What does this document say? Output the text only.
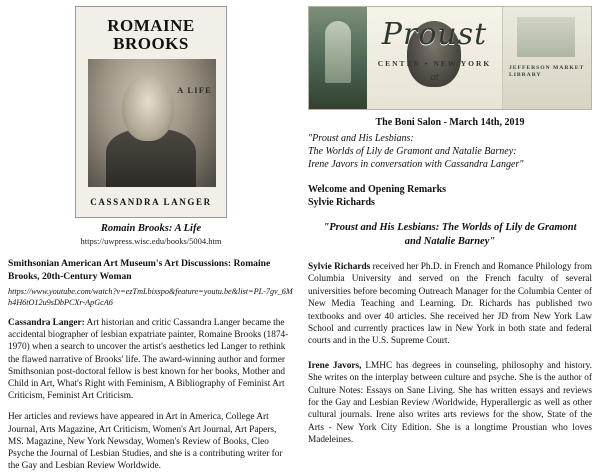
ROMAINE
BROOKS
A LIFE
CASSANDRA LANGER
Romain Brooks: A Life
https://uwpress.wisc.edu/books/5004.htm
Smithsonian American Art Museum's Art Discussions: Romaine Brooks, 20th-Century Woman
https://www.youtube.com/watch?v=ezTmLbixspo&feature=youtu.be&list=PL-7gv_6Mh4H6tO12u9sDbPCXr-ApGcA6
Cassandra Langer: Art historian and critic Cassandra Langer became the accidental biographer of lesbian expatriate painter, Romaine Brooks (1874-1970) when a search to uncover the artist's aesthetics led Langer to rethink the flawed narrative of Brooks' life. The award-winning author and former Smithsonian post-doctoral fellow is best known for her books, Mother and Child in Art, What's Right with Feminism, A Bibliography of Feminist Art Criticism, Feminist Art Criticism.
Her articles and reviews have appeared in Art in America, College Art Journal, Arts Magazine, Art Criticism, Women's Art Journal, Art Papers, MS. Magazine, New York Newsday, Women's Review of Books, Cleo Psyche the Journal of Lesbian Studies, and she is a contributing writer for the Gay and Lesbian Review Worldwide.
Proust
at
CENTER • NEW YORK	JEFFERSON MARKET LIBRARY
The Boni Salon - March 14th, 2019
"Proust and His Lesbians:
The Worlds of Lily de Gramont and Natalie Barney:
Irene Javors in conversation with Cassandra Langer"
Welcome and Opening Remarks
Sylvie Richards
"Proust and His Lesbians: The Worlds of Lily de Gramont
and Natalie Barney"
Sylvie Richards received her Ph.D. in French and Romance Philology from Columbia University and served on the French faculty of several universities before becoming Outreach Manager for the Columbia Center of New Media Teaching and Learning. Dr. Richards has published two textbooks and over 40 articles. She received her JD from New York Law School and currently practices law in New York in both state and federal courts and in the U.S. Supreme Court.
Irene Javors, LMHC has degrees in counseling, philosophy and history. She writes on the interplay between culture and psyche. She is the author of Culture Notes: Essays on Sane Living. She has written essays and reviews for the Gay and Lesbian Review /Worldwide, Hyperallergic as well as other cultural journals. Irene also writes arts reviews for the show, State of the Arts - New York City Edition. She is a longtime Proustian who loves Madeleines.
